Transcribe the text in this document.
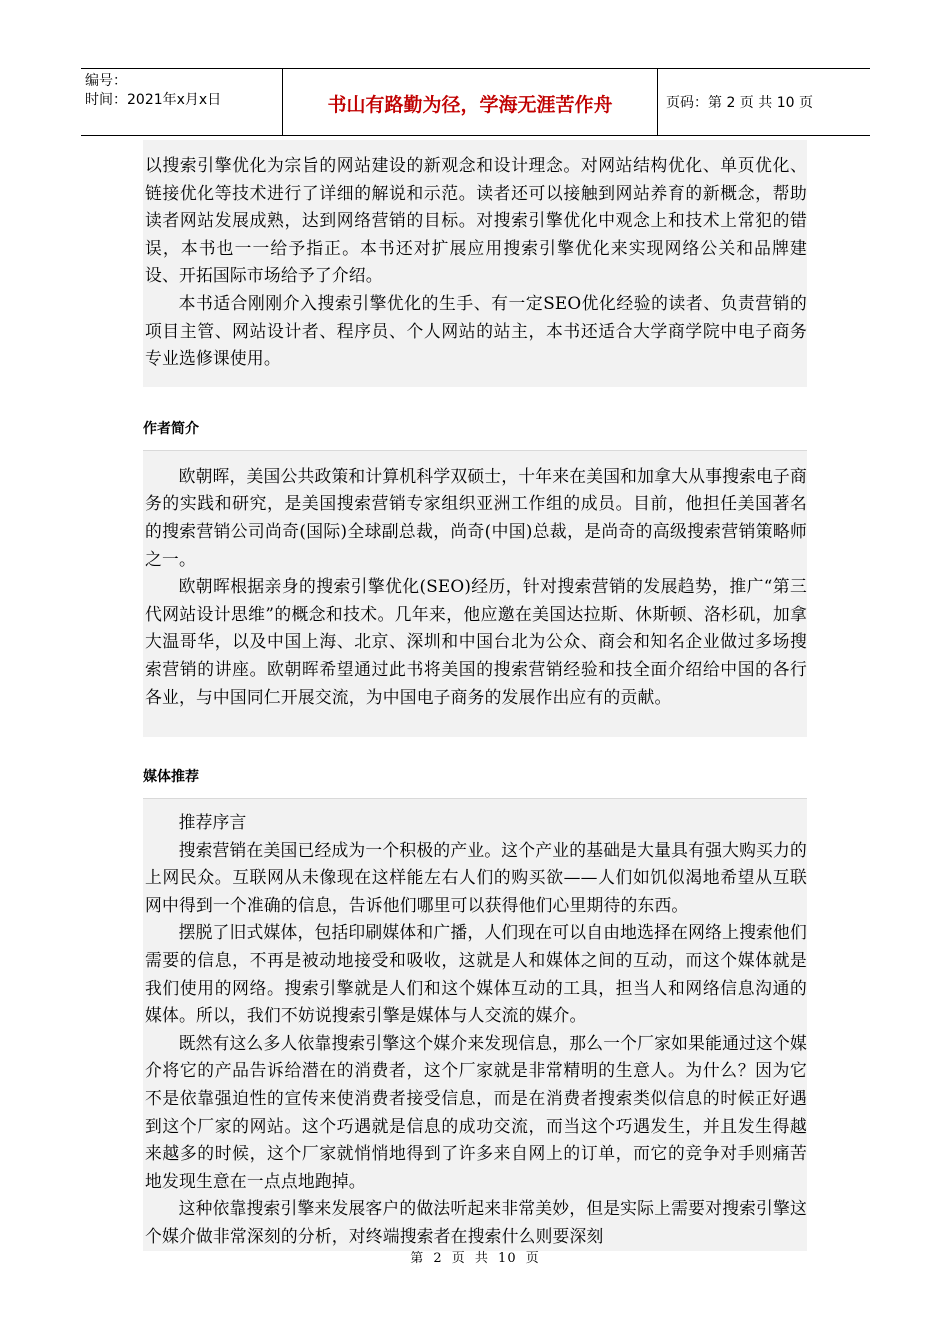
编号：
时间：2021年x月x日	书山有路勤为径，学海无涯苦作舟	页码：第 2 页 共 10 页

以搜索引擎优化为宗旨的网站建设的新观念和设计理念。对网站结构优化、单页优化、链接优化等技术进行了详细的解说和示范。读者还可以接触到网站养育的新概念，帮助读者网站发展成熟，达到网络营销的目标。对搜索引擎优化中观念上和技术上常犯的错误，本书也一一给予指正。本书还对扩展应用搜索引擎优化来实现网络公关和品牌建设、开拓国际市场给予了介绍。

本书适合刚刚介入搜索引擎优化的生手、有一定SEO优化经验的读者、负责营销的项目主管、网站设计者、程序员、个人网站的站主，本书还适合大学商学院中电子商务专业选修课使用。

作者简介

欧朝晖，美国公共政策和计算机科学双硕士，十年来在美国和加拿大从事搜索电子商务的实践和研究，是美国搜索营销专家组织亚洲工作组的成员。目前，他担任美国著名的搜索营销公司尚奇(国际)全球副总裁，尚奇(中国)总裁，是尚奇的高级搜索营销策略师之一。

欧朝晖根据亲身的搜索引擎优化(SEO)经历，针对搜索营销的发展趋势，推广“第三代网站设计思维”的概念和技术。几年来，他应邀在美国达拉斯、休斯顿、洛杉矶，加拿大温哥华，以及中国上海、北京、深圳和中国台北为公众、商会和知名企业做过多场搜索营销的讲座。欧朝晖希望通过此书将美国的搜索营销经验和技全面介绍给中国的各行各业，与中国同仁开展交流，为中国电子商务的发展作出应有的贡献。

媒体推荐

推荐序言

搜索营销在美国已经成为一个积极的产业。这个产业的基础是大量具有强大购买力的上网民众。互联网从未像现在这样能左右人们的购买欲——人们如饥似渴地希望从互联网中得到一个准确的信息，告诉他们哪里可以获得他们心里期待的东西。

摆脱了旧式媒体，包括印刷媒体和广播，人们现在可以自由地选择在网络上搜索他们需要的信息，不再是被动地接受和吸收，这就是人和媒体之间的互动，而这个媒体就是我们使用的网络。搜索引擎就是人们和这个媒体互动的工具，担当人和网络信息沟通的媒体。所以，我们不妨说搜索引擎是媒体与人交流的媒介。

既然有这么多人依靠搜索引擎这个媒介来发现信息，那么一个厂家如果能通过这个媒介将它的产品告诉给潜在的消费者，这个厂家就是非常精明的生意人。为什么？因为它不是依靠强迫性的宣传来使消费者接受信息，而是在消费者搜索类似信息的时候正好遇到这个厂家的网站。这个巧遇就是信息的成功交流，而当这个巧遇发生，并且发生得越来越多的时候，这个厂家就悄悄地得到了许多来自网上的订单，而它的竞争对手则痛苦地发现生意在一点点地跑掉。

这种依靠搜索引擎来发展客户的做法听起来非常美妙，但是实际上需要对搜索引擎这个媒介做非常深刻的分析，对终端搜索者在搜索什么则要深刻

第 2 页 共 10 页
